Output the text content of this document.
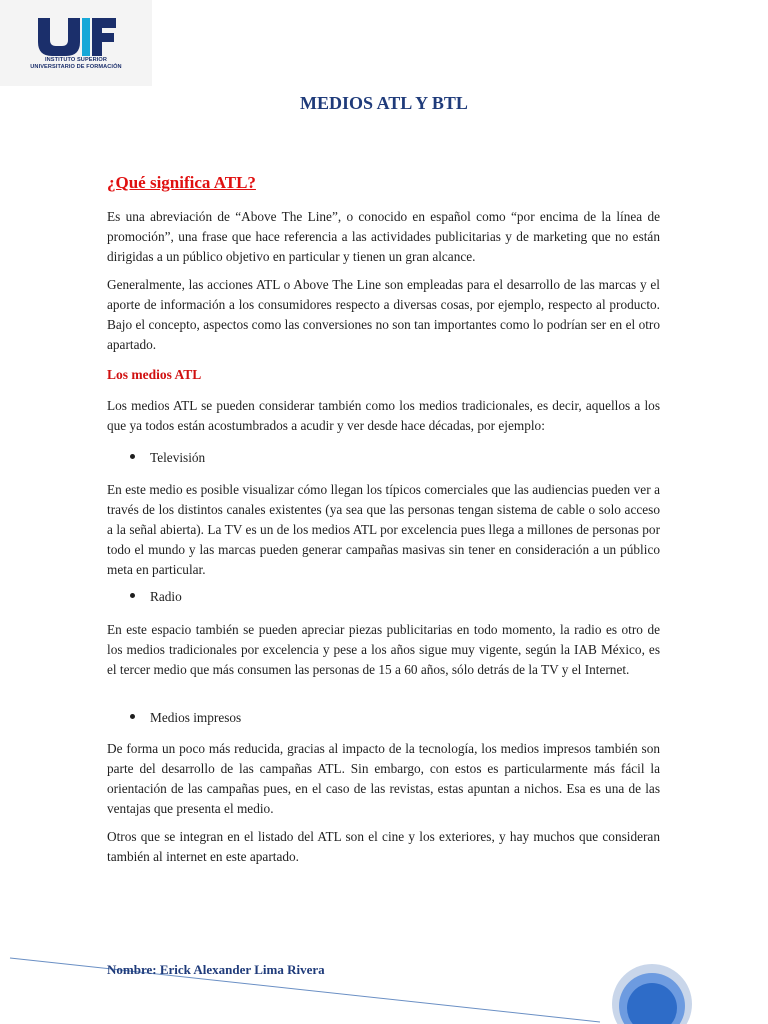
INSTITUTO SUPERIOR
UNIVERSITARIO DE FORMACIÓN
MEDIOS ATL Y BTL
¿Qué significa ATL?

Es una abreviación de “Above The Line”, o conocido en español como “por encima de la línea de promoción”, una frase que hace referencia a las actividades publicitarias y de marketing que no están dirigidas a un público objetivo en particular y tienen un gran alcance.

Generalmente, las acciones ATL o Above The Line son empleadas para el desarrollo de las marcas y el aporte de información a los consumidores respecto a diversas cosas, por ejemplo, respecto al producto. Bajo el concepto, aspectos como las conversiones no son tan importantes como lo podrían ser en el otro apartado.

Los medios ATL

Los medios ATL se pueden considerar también como los medios tradicionales, es decir, aquellos a los que ya todos están acostumbrados a acudir y ver desde hace décadas, por ejemplo:

Televisión

En este medio es posible visualizar cómo llegan los típicos comerciales que las audiencias pueden ver a través de los distintos canales existentes (ya sea que las personas tengan sistema de cable o solo acceso a la señal abierta). La TV es un de los medios ATL por excelencia pues llega a millones de personas por todo el mundo y las marcas pueden generar campañas masivas sin tener en consideración a un público meta en particular.

Radio

En este espacio también se pueden apreciar piezas publicitarias en todo momento, la radio es otro de los medios tradicionales por excelencia y pese a los años sigue muy vigente, según la IAB México, es el tercer medio que más consumen las personas de 15 a 60 años, sólo detrás de la TV y el Internet.

Medios impresos

De forma un poco más reducida, gracias al impacto de la tecnología, los medios impresos también son parte del desarrollo de las campañas ATL. Sin embargo, con estos es particularmente más fácil la orientación de las campañas pues, en el caso de las revistas, estas apuntan a nichos. Esa es una de las ventajas que presenta el medio.

Otros que se integran en el listado del ATL son el cine y los exteriores, y hay muchos que consideran también al internet en este apartado.

Nombre: Erick Alexander Lima Rivera
